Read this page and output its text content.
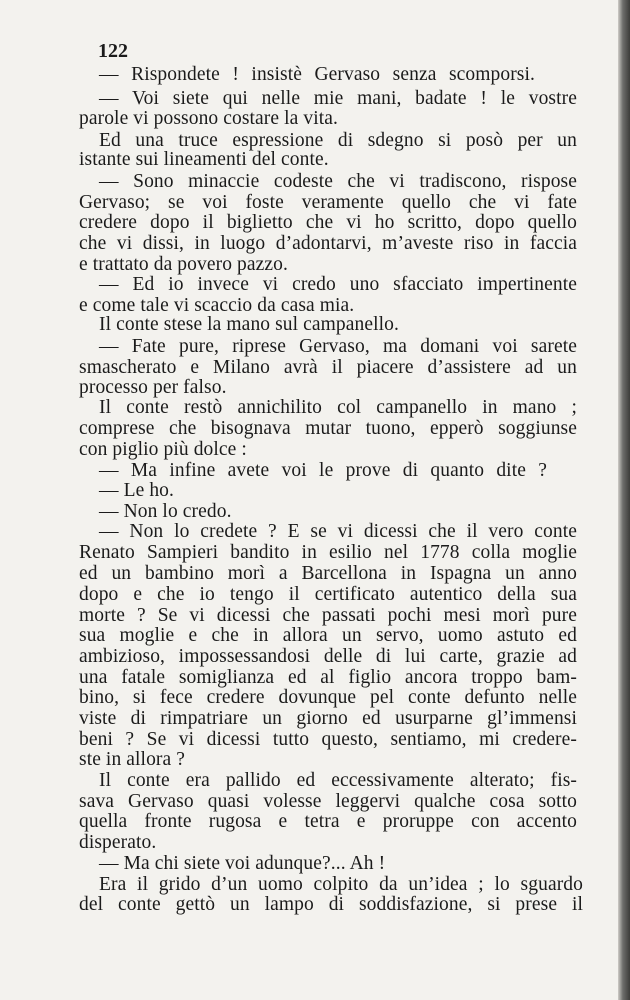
122
— Rispondete ! insistè Gervaso senza scomporsi.
— Voi siete qui nelle mie mani, badate ! le vostre
parole vi possono costare la vita.
Ed una truce espressione di sdegno si posò per un
istante sui lineamenti del conte.
— Sono minaccie codeste che vi tradiscono, rispose
Gervaso; se voi foste veramente quello che vi fate
credere dopo il biglietto che vi ho scritto, dopo quello
che vi dissi, in luogo d’adontarvi, m’aveste riso in faccia
e trattato da povero pazzo.
— Ed io invece vi credo uno sfacciato impertinente
e come tale vi scaccio da casa mia.
Il conte stese la mano sul campanello.
— Fate pure, riprese Gervaso, ma domani voi sarete
smascherato e Milano avrà il piacere d’assistere ad un
processo per falso.
Il conte restò annichilito col campanello in mano ;
comprese che bisognava mutar tuono, epperò soggiunse
con piglio più dolce :
— Ma infine avete voi le prove di quanto dite ?
— Le ho.
— Non lo credo.
— Non lo credete ? E se vi dicessi che il vero conte
Renato Sampieri bandito in esilio nel 1778 colla moglie
ed un bambino morì a Barcellona in Ispagna un anno
dopo e che io tengo il certificato autentico della sua
morte ? Se vi dicessi che passati pochi mesi morì pure
sua moglie e che in allora un servo, uomo astuto ed
ambizioso, impossessandosi delle di lui carte, grazie ad
una fatale somiglianza ed al figlio ancora troppo bam-
bino, si fece credere dovunque pel conte defunto nelle
viste di rimpatriare un giorno ed usurparne gl’immensi
beni ? Se vi dicessi tutto questo, sentiamo, mi credere-
ste in allora ?
Il conte era pallido ed eccessivamente alterato; fis-
sava Gervaso quasi volesse leggervi qualche cosa sotto
quella fronte rugosa e tetra e proruppe con accento
disperato.
— Ma chi siete voi adunque?... Ah !
Era il grido d’un uomo colpito da un’idea ; lo sguardo
del conte gettò un lampo di soddisfazione, si prese il
